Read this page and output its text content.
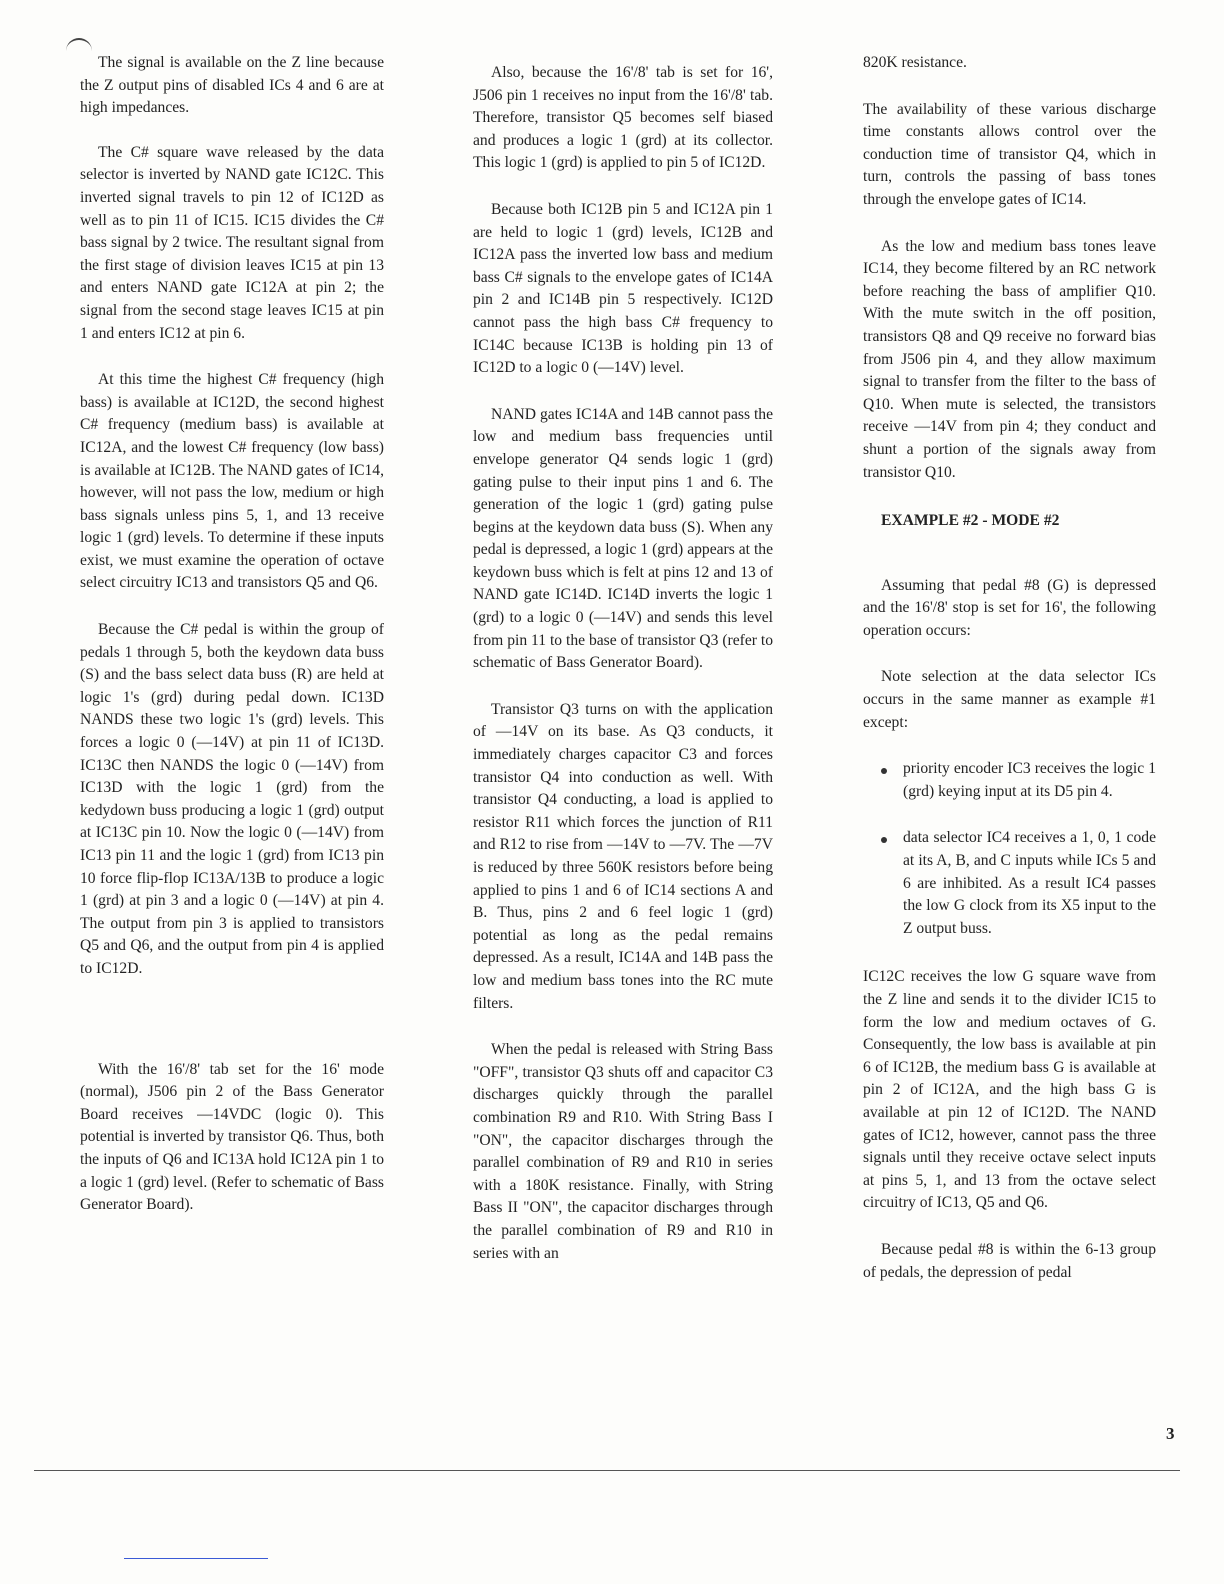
The signal is available on the Z line because the Z output pins of disabled ICs 4 and 6 are at high impedances.

The C# square wave released by the data selector is inverted by NAND gate IC12C. This inverted signal travels to pin 12 of IC12D as well as to pin 11 of IC15. IC15 divides the C# bass signal by 2 twice. The resultant signal from the first stage of division leaves IC15 at pin 13 and enters NAND gate IC12A at pin 2; the signal from the second stage leaves IC15 at pin 1 and enters IC12 at pin 6.

At this time the highest C# frequency (high bass) is available at IC12D, the second highest C# frequency (medium bass) is available at IC12A, and the lowest C# frequency (low bass) is available at IC12B. The NAND gates of IC14, however, will not pass the low, medium or high bass signals unless pins 5, 1, and 13 receive logic 1 (grd) levels. To determine if these inputs exist, we must examine the operation of octave select circuitry IC13 and transistors Q5 and Q6.

Because the C# pedal is within the group of pedals 1 through 5, both the keydown data buss (S) and the bass select data buss (R) are held at logic 1's (grd) during pedal down. IC13D NANDS these two logic 1's (grd) levels. This forces a logic 0 (—14V) at pin 11 of IC13D. IC13C then NANDS the logic 0 (—14V) from IC13D with the logic 1 (grd) from the kedydown buss producing a logic 1 (grd) output at IC13C pin 10. Now the logic 0 (—14V) from IC13 pin 11 and the logic 1 (grd) from IC13 pin 10 force flip-flop IC13A/13B to produce a logic 1 (grd) at pin 3 and a logic 0 (—14V) at pin 4. The output from pin 3 is applied to transistors Q5 and Q6, and the output from pin 4 is applied to IC12D.

With the 16'/8' tab set for the 16' mode (normal), J506 pin 2 of the Bass Generator Board receives —14VDC (logic 0). This potential is inverted by transistor Q6. Thus, both the inputs of Q6 and IC13A hold IC12A pin 1 to a logic 1 (grd) level. (Refer to schematic of Bass Generator Board).

Also, because the 16'/8' tab is set for 16', J506 pin 1 receives no input from the 16'/8' tab. Therefore, transistor Q5 becomes self biased and produces a logic 1 (grd) at its collector. This logic 1 (grd) is applied to pin 5 of IC12D.

Because both IC12B pin 5 and IC12A pin 1 are held to logic 1 (grd) levels, IC12B and IC12A pass the inverted low bass and medium bass C# signals to the envelope gates of IC14A pin 2 and IC14B pin 5 respectively. IC12D cannot pass the high bass C# frequency to IC14C because IC13B is holding pin 13 of IC12D to a logic 0 (—14V) level.

NAND gates IC14A and 14B cannot pass the low and medium bass frequencies until envelope generator Q4 sends logic 1 (grd) gating pulse to their input pins 1 and 6. The generation of the logic 1 (grd) gating pulse begins at the keydown data buss (S). When any pedal is depressed, a logic 1 (grd) appears at the keydown buss which is felt at pins 12 and 13 of NAND gate IC14D. IC14D inverts the logic 1 (grd) to a logic 0 (—14V) and sends this level from pin 11 to the base of transistor Q3 (refer to schematic of Bass Generator Board).

Transistor Q3 turns on with the application of —14V on its base. As Q3 conducts, it immediately charges capacitor C3 and forces transistor Q4 into conduction as well. With transistor Q4 conducting, a load is applied to resistor R11 which forces the junction of R11 and R12 to rise from —14V to —7V. The —7V is reduced by three 560K resistors before being applied to pins 1 and 6 of IC14 sections A and B. Thus, pins 2 and 6 feel logic 1 (grd) potential as long as the pedal remains depressed. As a result, IC14A and 14B pass the low and medium bass tones into the RC mute filters.

When the pedal is released with String Bass "OFF", transistor Q3 shuts off and capacitor C3 discharges quickly through the parallel combination R9 and R10. With String Bass I "ON", the capacitor discharges through the parallel combination of R9 and R10 in series with a 180K resistance. Finally, with String Bass II "ON", the capacitor discharges through the parallel combination of R9 and R10 in series with an

820K resistance.

The availability of these various discharge time constants allows control over the conduction time of transistor Q4, which in turn, controls the passing of bass tones through the envelope gates of IC14.

As the low and medium bass tones leave IC14, they become filtered by an RC network before reaching the bass of amplifier Q10. With the mute switch in the off position, transistors Q8 and Q9 receive no forward bias from J506 pin 4, and they allow maximum signal to transfer from the filter to the bass of Q10. When mute is selected, the transistors receive —14V from pin 4; they conduct and shunt a portion of the signals away from transistor Q10.

EXAMPLE #2 - MODE #2

Assuming that pedal #8 (G) is depressed and the 16'/8' stop is set for 16', the following operation occurs:

Note selection at the data selector ICs occurs in the same manner as example #1 except:

priority encoder IC3 receives the logic 1 (grd) keying input at its D5 pin 4.
data selector IC4 receives a 1, 0, 1 code at its A, B, and C inputs while ICs 5 and 6 are inhibited. As a result IC4 passes the low G clock from its X5 input to the Z output buss.

IC12C receives the low G square wave from the Z line and sends it to the divider IC15 to form the low and medium octaves of G. Consequently, the low bass is available at pin 6 of IC12B, the medium bass G is available at pin 2 of IC12A, and the high bass G is available at pin 12 of IC12D. The NAND gates of IC12, however, cannot pass the three signals until they receive octave select inputs at pins 5, 1, and 13 from the octave select circuitry of IC13, Q5 and Q6.

Because pedal #8 is within the 6-13 group of pedals, the depression of pedal

3
